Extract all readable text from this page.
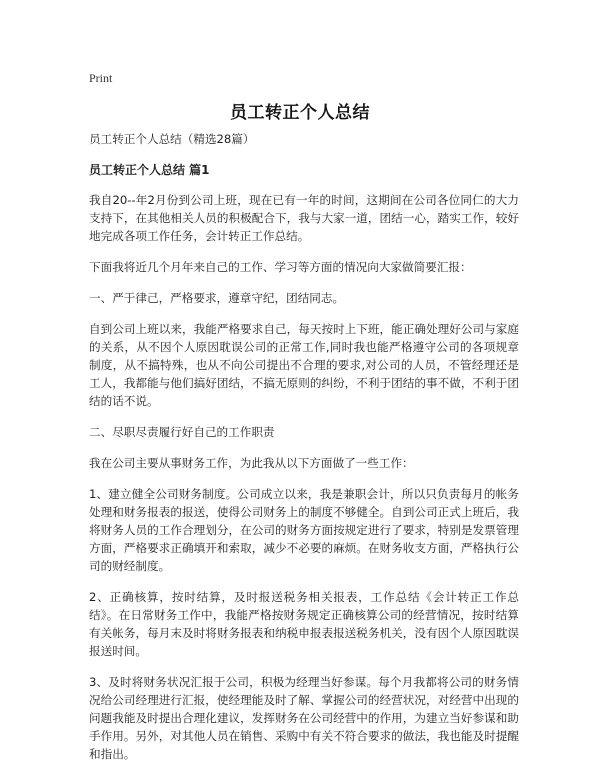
Print
员工转正个人总结

员工转正个人总结（精选28篇）

员工转正个人总结 篇1

我自20--年2月份到公司上班，现在已有一年的时间，这期间在公司各位同仁的大力支持下，在其他相关人员的积极配合下，我与大家一道，团结一心，踏实工作，较好地完成各项工作任务，会计转正工作总结。

下面我将近几个月年来自己的工作、学习等方面的情况向大家做简要汇报：

一、严于律己，严格要求，遵章守纪，团结同志。

自到公司上班以来，我能严格要求自己，每天按时上下班，能正确处理好公司与家庭的关系，从不因个人原因耽误公司的正常工作,同时我也能严格遵守公司的各项规章制度，从不搞特殊，也从不向公司提出不合理的要求,对公司的人员，不管经理还是工人，我都能与他们搞好团结，不搞无原则的纠纷，不利于团结的事不做，不利于团结的话不说。

二、尽职尽责履行好自己的工作职责

我在公司主要从事财务工作，为此我从以下方面做了一些工作：

1、建立健全公司财务制度。公司成立以来，我是兼职会计，所以只负责每月的帐务处理和财务报表的报送，使得公司财务上的制度不够健全。自到公司正式上班后，我将财务人员的工作合理划分，在公司的财务方面按规定进行了要求，特别是发票管理方面，严格要求正确填开和索取，减少不必要的麻烦。在财务收支方面，严格执行公司的财经制度。

2、正确核算，按时结算，及时报送税务相关报表，工作总结《会计转正工作总结》。在日常财务工作中，我能严格按财务规定正确核算公司的经营情况，按时结算有关帐务，每月末及时将财务报表和纳税申报表报送税务机关，没有因个人原因耽误报送时间。

3、及时将财务状况汇报于公司，积极为经理当好参谋。每个月我都将公司的财务情况给公司经理进行汇报，使经理能及时了解、掌握公司的经营状况，对经营中出现的问题我能及时提出合理化建议，发挥财务在公司经营中的作用，为建立当好参谋和助手作用。另外，对其他人员在销售、采购中有关不符合要求的做法，我也能及时提醒和指出。
